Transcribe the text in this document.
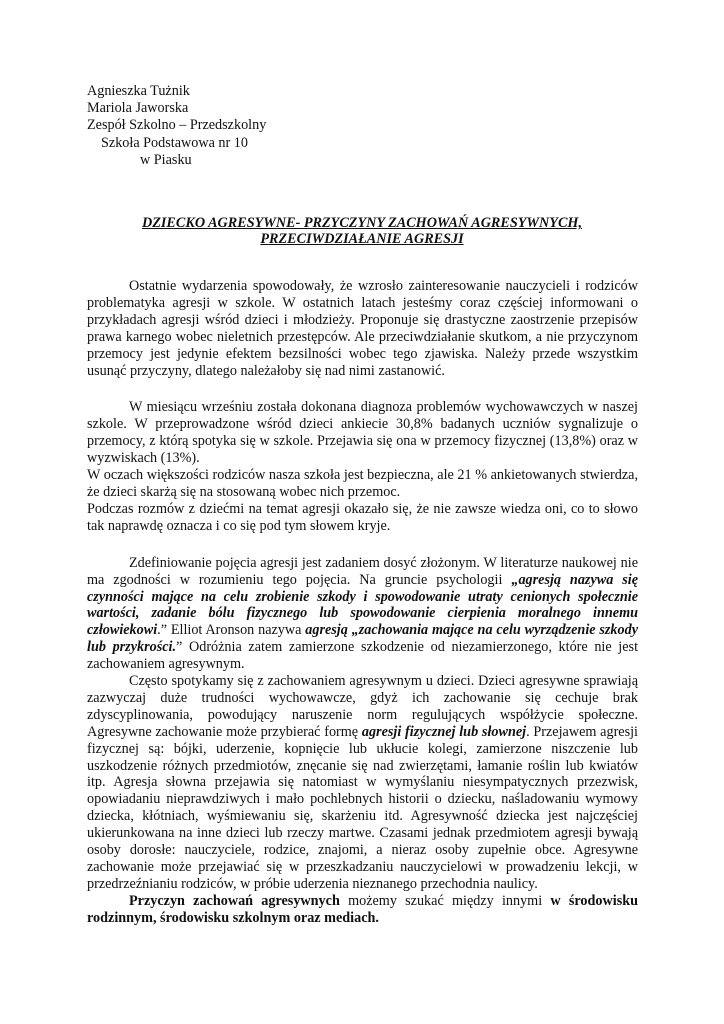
Agnieszka Tużnik
Mariola Jaworska
Zespół Szkolno – Przedszkolny
Szkoła Podstawowa nr 10
w Piasku
DZIECKO AGRESYWNE- PRZYCZYNY ZACHOWAŃ AGRESYWNYCH,
PRZECIWDZIAŁANIE AGRESJI

Ostatnie wydarzenia spowodowały, że wzrosło zainteresowanie nauczycieli i rodziców problematyka agresji w szkole. W ostatnich latach jesteśmy coraz częściej informowani o przykładach agresji wśród dzieci i młodzieży. Proponuje się drastyczne zaostrzenie przepisów prawa karnego wobec nieletnich przestępców. Ale przeciwdziałanie skutkom, a nie przyczynom przemocy jest jedynie efektem bezsilności wobec tego zjawiska. Należy przede wszystkim usunąć przyczyny, dlatego należałoby się nad nimi zastanowić.

W miesiącu wrześniu została dokonana diagnoza problemów wychowawczych w naszej szkole. W przeprowadzone wśród dzieci ankiecie 30,8% badanych uczniów sygnalizuje o przemocy, z którą spotyka się w szkole. Przejawia się ona w przemocy fizycznej (13,8%) oraz w wyzwiskach (13%).

W oczach większości rodziców nasza szkoła jest bezpieczna, ale 21 % ankietowanych stwierdza, że dzieci skarżą się na stosowaną wobec nich przemoc.

Podczas rozmów z dziećmi na temat agresji okazało się, że nie zawsze wiedza oni, co to słowo tak naprawdę oznacza i co się pod tym słowem kryje.

Zdefiniowanie pojęcia agresji jest zadaniem dosyć złożonym. W literaturze naukowej nie ma zgodności w rozumieniu tego pojęcia. Na gruncie psychologii „agresją nazywa się czynności mające na celu zrobienie szkody i spowodowanie utraty cenionych społecznie wartości, zadanie bólu fizycznego lub spowodowanie cierpienia moralnego innemu człowiekowi.” Elliot Aronson nazywa agresją „zachowania mające na celu wyrządzenie szkody lub przykrości.” Odróżnia zatem zamierzone szkodzenie od niezamierzonego, które nie jest zachowaniem agresywnym.

Często spotykamy się z zachowaniem agresywnym u dzieci. Dzieci agresywne sprawiają zazwyczaj duże trudności wychowawcze, gdyż ich zachowanie się cechuje brak zdyscyplinowania, powodujący naruszenie norm regulujących współżycie społeczne. Agresywne zachowanie może przybierać formę agresji fizycznej lub słownej. Przejawem agresji fizycznej są: bójki, uderzenie, kopnięcie lub ukłucie kolegi, zamierzone niszczenie lub uszkodzenie różnych przedmiotów, znęcanie się nad zwierzętami, łamanie roślin lub kwiatów itp. Agresja słowna przejawia się natomiast w wymyślaniu niesympatycznych przezwisk, opowiadaniu nieprawdziwych i mało pochlebnych historii o dziecku, naśladowaniu wymowy dziecka, kłótniach, wyśmiewaniu się, skarżeniu itd. Agresywność dziecka jest najczęściej ukierunkowana na inne dzieci lub rzeczy martwe. Czasami jednak przedmiotem agresji bywają osoby dorosłe: nauczyciele, rodzice, znajomi, a nieraz osoby zupełnie obce. Agresywne zachowanie może przejawiać się w przeszkadzaniu nauczycielowi w prowadzeniu lekcji, w przedrzeźnianiu rodziców, w próbie uderzenia nieznanego przechodnia naulicy.

Przyczyn zachowań agresywnych możemy szukać między innymi w środowisku rodzinnym, środowisku szkolnym oraz mediach.
